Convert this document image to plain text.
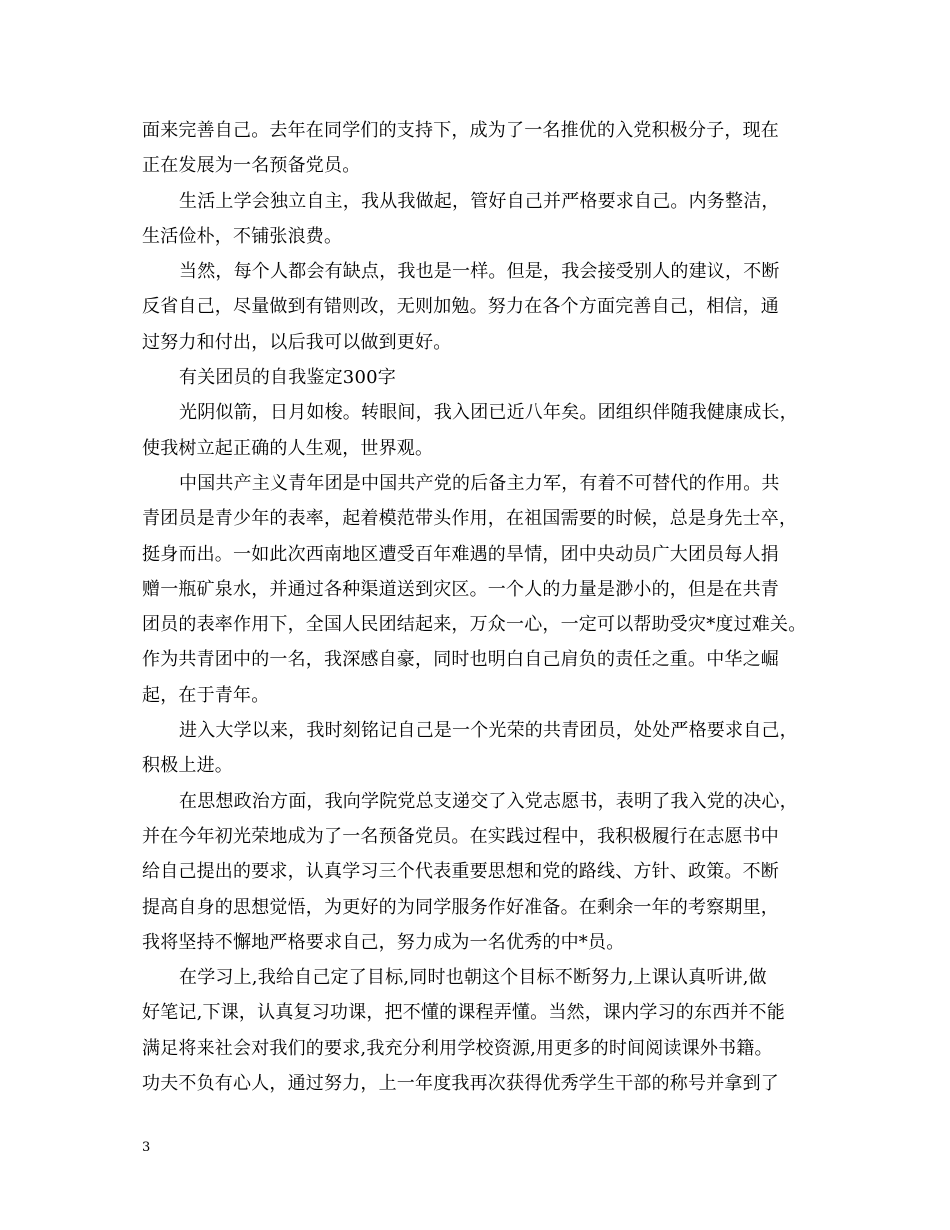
面来完善自己。去年在同学们的支持下，成为了一名推优的入党积极分子，现在
正在发展为一名预备党员。
生活上学会独立自主，我从我做起，管好自己并严格要求自己。内务整洁，
生活俭朴，不铺张浪费。
当然，每个人都会有缺点，我也是一样。但是，我会接受别人的建议，不断
反省自己，尽量做到有错则改，无则加勉。努力在各个方面完善自己，相信，通
过努力和付出，以后我可以做到更好。
有关团员的自我鉴定300字
光阴似箭，日月如梭。转眼间，我入团已近八年矣。团组织伴随我健康成长，
使我树立起正确的人生观，世界观。
中国共产主义青年团是中国共产党的后备主力军，有着不可替代的作用。共
青团员是青少年的表率，起着模范带头作用，在祖国需要的时候，总是身先士卒，
挺身而出。一如此次西南地区遭受百年难遇的旱情，团中央动员广大团员每人捐
赠一瓶矿泉水，并通过各种渠道送到灾区。一个人的力量是渺小的，但是在共青
团员的表率作用下，全国人民团结起来，万众一心，一定可以帮助受灾*度过难关。
作为共青团中的一名，我深感自豪，同时也明白自己肩负的责任之重。中华之崛
起，在于青年。
进入大学以来，我时刻铭记自己是一个光荣的共青团员，处处严格要求自己，
积极上进。
在思想政治方面，我向学院党总支递交了入党志愿书，表明了我入党的决心，
并在今年初光荣地成为了一名预备党员。在实践过程中，我积极履行在志愿书中
给自己提出的要求，认真学习三个代表重要思想和党的路线、方针、政策。不断
提高自身的思想觉悟，为更好的为同学服务作好准备。在剩余一年的考察期里，
我将坚持不懈地严格要求自己，努力成为一名优秀的中*员。
在学习上,我给自己定了目标,同时也朝这个目标不断努力,上课认真听讲,做
好笔记,下课，认真复习功课，把不懂的课程弄懂。当然，课内学习的东西并不能
满足将来社会对我们的要求,我充分利用学校资源,用更多的时间阅读课外书籍。
功夫不负有心人，通过努力，上一年度我再次获得优秀学生干部的称号并拿到了
3
